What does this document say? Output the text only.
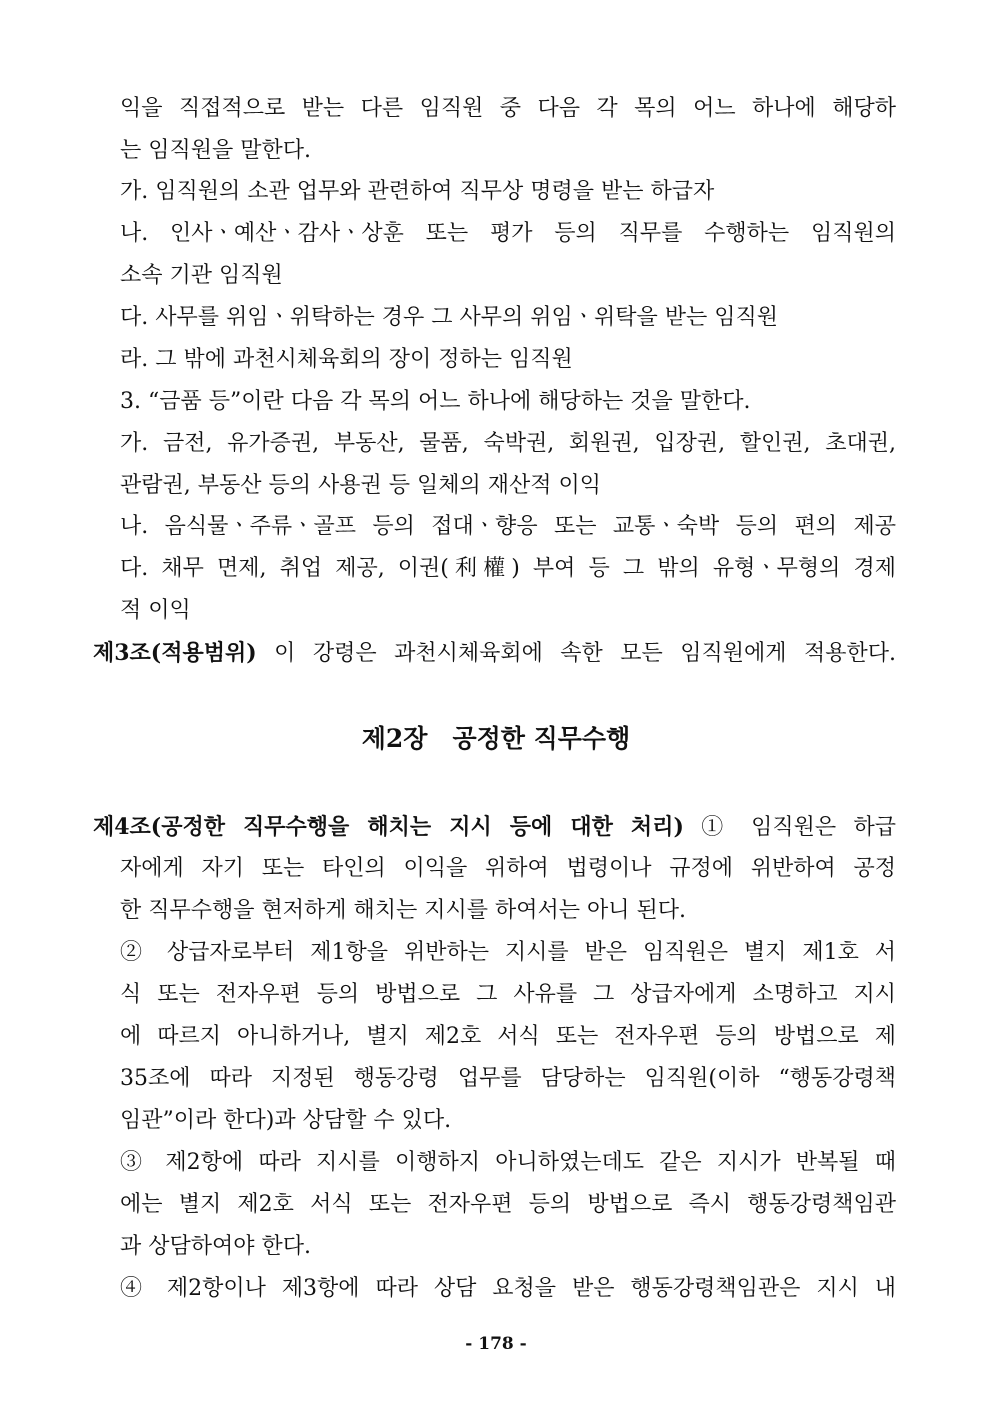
익을 직접적으로 받는 다른 임직원 중 다음 각 목의 어느 하나에 해당하
는 임직원을 말한다.
가. 임직원의 소관 업무와 관련하여 직무상 명령을 받는 하급자
나. 인사ㆍ예산ㆍ감사ㆍ상훈 또는 평가 등의 직무를 수행하는 임직원의
소속 기관 임직원
다. 사무를 위임ㆍ위탁하는 경우 그 사무의 위임ㆍ위탁을 받는 임직원
라. 그 밖에 과천시체육회의 장이 정하는 임직원
3. “금품 등”이란 다음 각 목의 어느 하나에 해당하는 것을 말한다.
가. 금전, 유가증권, 부동산, 물품, 숙박권, 회원권, 입장권, 할인권, 초대권,
관람권, 부동산 등의 사용권 등 일체의 재산적 이익
나. 음식물ㆍ주류ㆍ골프 등의 접대ㆍ향응 또는 교통ㆍ숙박 등의 편의 제공
다. 채무 면제, 취업 제공, 이권(利權) 부여 등 그 밖의 유형ㆍ무형의 경제
적 이익
제3조(적용범위) 이 강령은 과천시체육회에 속한 모든 임직원에게 적용한다.
제2장　공정한 직무수행
제4조(공정한 직무수행을 해치는 지시 등에 대한 처리) ① 임직원은 하급
자에게 자기 또는 타인의 이익을 위하여 법령이나 규정에 위반하여 공정
한 직무수행을 현저하게 해치는 지시를 하여서는 아니 된다.
② 상급자로부터 제1항을 위반하는 지시를 받은 임직원은 별지 제1호 서
식 또는 전자우편 등의 방법으로 그 사유를 그 상급자에게 소명하고 지시
에 따르지 아니하거나, 별지 제2호 서식 또는 전자우편 등의 방법으로 제
35조에 따라 지정된 행동강령 업무를 담당하는 임직원(이하 “행동강령책
임관”이라 한다)과 상담할 수 있다.
③ 제2항에 따라 지시를 이행하지 아니하였는데도 같은 지시가 반복될 때
에는 별지 제2호 서식 또는 전자우편 등의 방법으로 즉시 행동강령책임관
과 상담하여야 한다.
④ 제2항이나 제3항에 따라 상담 요청을 받은 행동강령책임관은 지시 내
- 178 -
